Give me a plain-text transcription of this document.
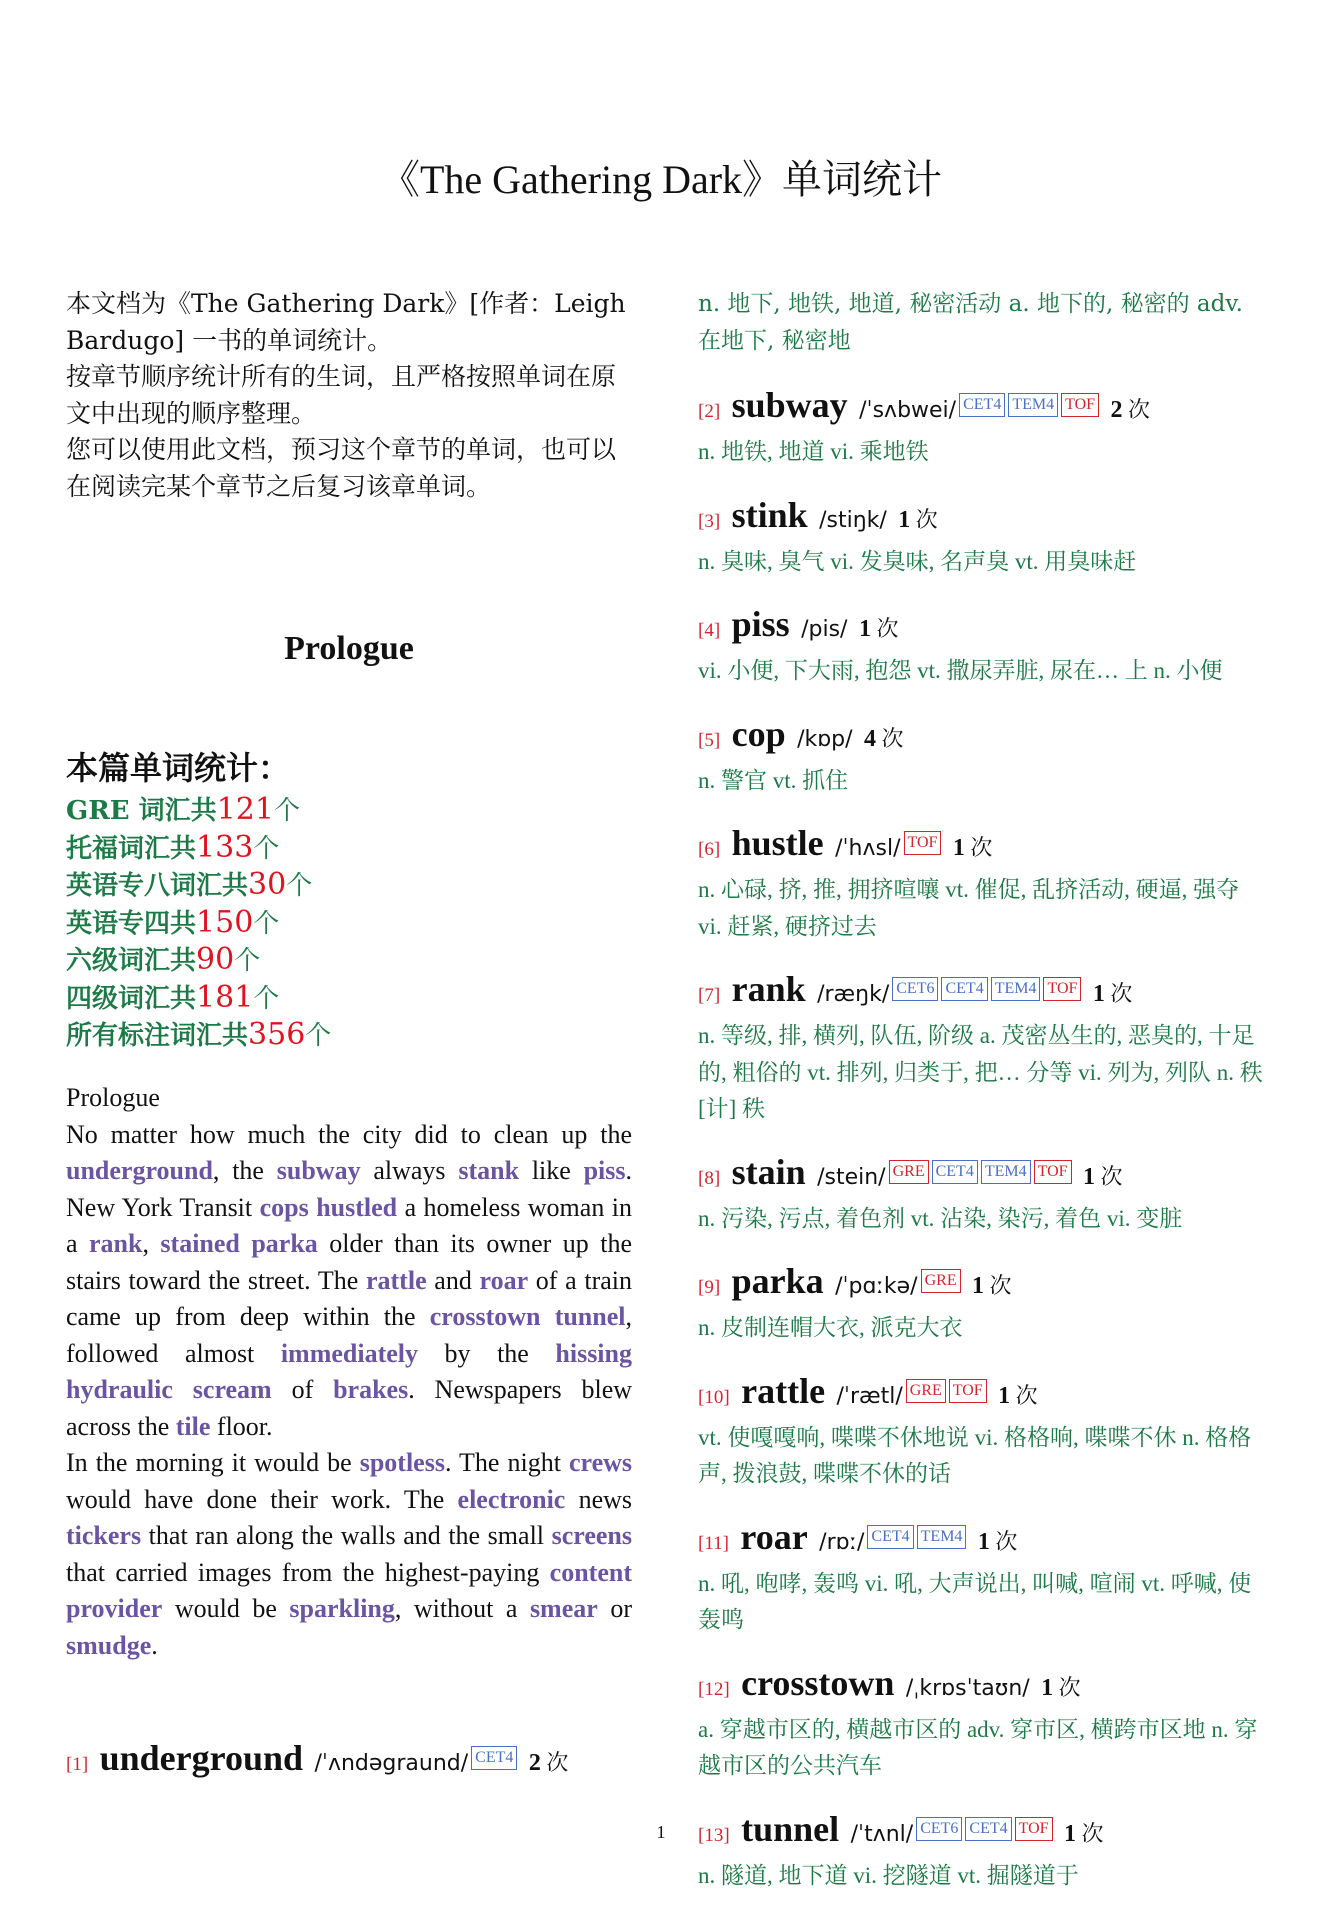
《The Gathering Dark》单词统计

本文档为《The Gathering Dark》[作者：Leigh Bardugo] 一书的单词统计。

按章节顺序统计所有的生词，且严格按照单词在原文中出现的顺序整理。

您可以使用此文档，预习这个章节的单词，也可以在阅读完某个章节之后复习该章单词。

Prologue
本篇单词统计：
GRE 词汇共121个
托福词汇共133个
英语专八词汇共30个
英语专四共150个
六级词汇共90个
四级词汇共181个
所有标注词汇共356个

Prologue

No matter how much the city did to clean up the underground, the subway always stank like piss. New York Transit cops hustled a homeless woman in a rank, stained parka older than its owner up the stairs toward the street. The rattle and roar of a train came up from deep within the crosstown tunnel, followed almost immediately by the hissing hydraulic scream of brakes. Newspapers blew across the tile floor.

In the morning it would be spotless. The night crews would have done their work. The electronic news tickers that ran along the walls and the small screens that carried images from the highest-paying content provider would be sparkling, without a smear or smudge.

[1] underground /ˈʌndəgraund/ CET4 2 次
n. 地下, 地铁, 地道, 秘密活动 a. 地下的, 秘密的 adv. 在地下, 秘密地
[2] subway /ˈsʌbwei/ CET4 TEM4 TOF 2 次
n. 地铁, 地道 vi. 乘地铁
[3] stink /stiŋk/ 1 次
n. 臭味, 臭气 vi. 发臭味, 名声臭 vt. 用臭味赶
[4] piss /pis/ 1 次
vi. 小便, 下大雨, 抱怨 vt. 撒尿弄脏, 尿在… 上 n. 小便
[5] cop /kɒp/ 4 次
n. 警官 vt. 抓住
[6] hustle /ˈhʌsl/ TOF 1 次
n. 心碌, 挤, 推, 拥挤喧嚷 vt. 催促, 乱挤活动, 硬逼, 强夺 vi. 赶紧, 硬挤过去
[7] rank /ræŋk/ CET6 CET4 TEM4 TOF 1 次
n. 等级, 排, 横列, 队伍, 阶级 a. 茂密丛生的, 恶臭的, 十足的, 粗俗的 vt. 排列, 归类于, 把… 分等 vi. 列为, 列队 n. 秩 [计] 秩
[8] stain /stein/ GRE CET4 TEM4 TOF 1 次
n. 污染, 污点, 着色剂 vt. 沾染, 染污, 着色 vi. 变脏
[9] parka /ˈpɑːkə/ GRE 1 次
n. 皮制连帽大衣, 派克大衣
[10] rattle /ˈrætl/ GRE TOF 1 次
vt. 使嘎嘎响, 喋喋不休地说 vi. 格格响, 喋喋不休 n. 格格声, 拨浪鼓, 喋喋不休的话
[11] roar /rɒː/ CET4 TEM4 1 次
n. 吼, 咆哮, 轰鸣 vi. 吼, 大声说出, 叫喊, 喧闹 vt. 呼喊, 使轰鸣
[12] crosstown /ˌkrɒsˈtaʊn/ 1 次
a. 穿越市区的, 横越市区的 adv. 穿市区, 横跨市区地 n. 穿越市区的公共汽车
[13] tunnel /ˈtʌnl/ CET6 CET4 TOF 1 次
n. 隧道, 地下道 vi. 挖隧道 vt. 掘隧道于
1
